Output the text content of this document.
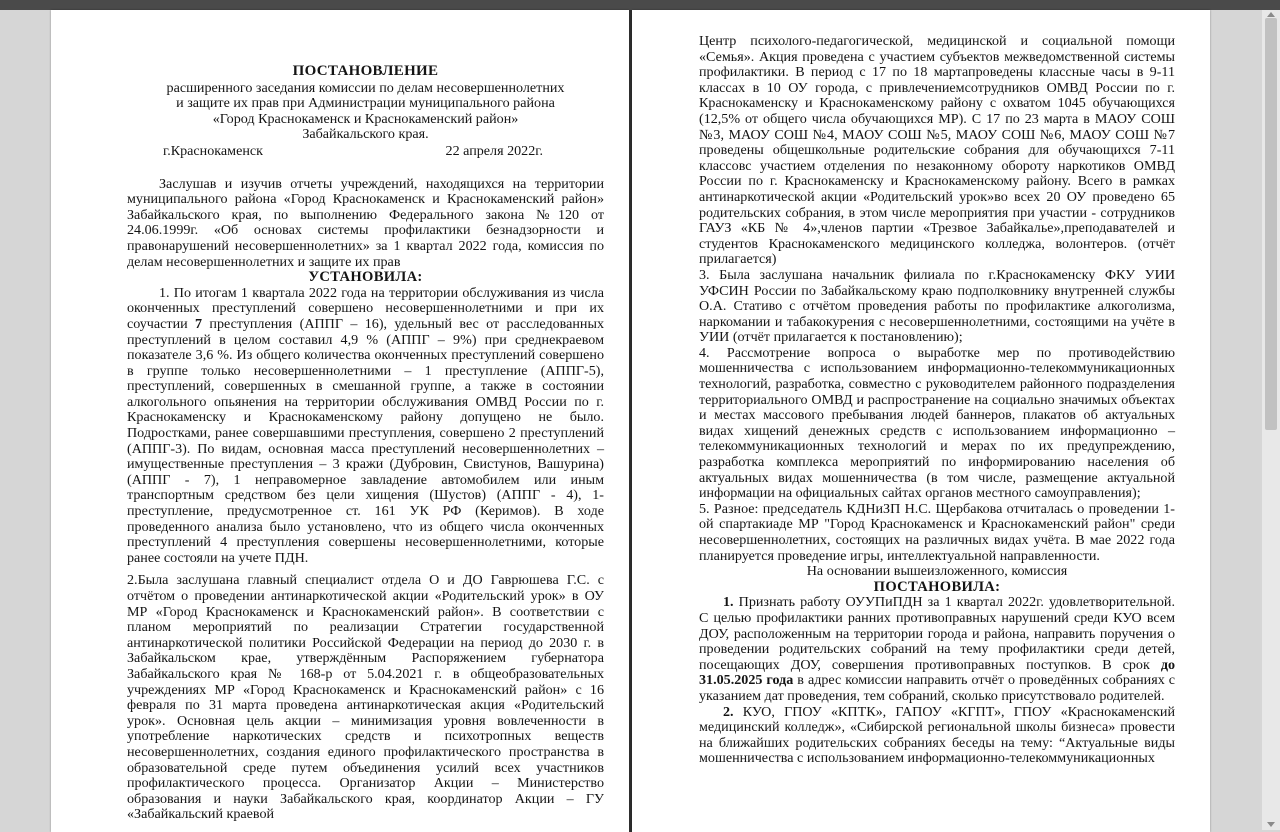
ПОСТАНОВЛЕНИЕ
расширенного заседания комиссии по делам несовершеннолетних
и защите их прав при Администрации муниципального района
«Город Краснокаменск и Краснокаменский район»
Забайкальского края.
г.Краснокаменск	22 апреля 2022г.

Заслушав и изучив отчеты учреждений, находящихся на территории муниципального района «Город Краснокаменск и Краснокаменский район» Забайкальского края, по выполнению Федерального закона №120 от 24.06.1999г. «Об основах системы профилактики безнадзорности и правонарушений несовершеннолетних» за 1 квартал 2022 года, комиссия по делам несовершеннолетних и защите их прав

УСТАНОВИЛА:

1. По итогам 1 квартала 2022 года на территории обслуживания из числа оконченных преступлений совершено несовершеннолетними и при их соучастии 7 преступления (АППГ – 16), удельный вес от расследованных преступлений в целом составил 4,9 % (АППГ – 9%) при среднекраевом показателе 3,6 %. Из общего количества оконченных преступлений совершено в группе только несовершеннолетними – 1 преступление (АППГ-5), преступлений, совершенных в смешанной группе, а также в состоянии алкогольного опьянения на территории обслуживания ОМВД России по г. Краснокаменску и Краснокаменскому району допущено не было. Подростками, ранее совершавшими преступления, совершено 2 преступлений (АППГ-3). По видам, основная масса преступлений несовершеннолетних – имущественные преступления – 3 кражи (Дубровин, Свистунов, Вашурина) (АППГ - 7), 1 неправомерное завладение автомобилем или иным транспортным средством без цели хищения (Шустов) (АППГ - 4), 1- преступление, предусмотренное ст. 161 УК РФ (Керимов). В ходе проведенного анализа было установлено, что из общего числа оконченных преступлений 4 преступления совершены несовершеннолетними, которые ранее состояли на учете ПДН.

2.Была заслушана главный специалист отдела О и ДО Гаврюшева Г.С. с отчётом о проведении антинаркотической акции «Родительский урок» в ОУ МР «Город Краснокаменск и Краснокаменский район». В соответствии с планом мероприятий по реализации Стратегии государственной антинаркотической политики Российской Федерации на период до 2030 г. в Забайкальском крае, утверждённым Распоряжением губернатора Забайкальского края № 168-р от 5.04.2021 г. в общеобразовательных учреждениях МР «Город Краснокаменск и Краснокаменский район» с 16 февраля по 31 марта проведена антинаркотическая акция «Родительский урок». Основная цель акции – минимизация уровня вовлеченности в употребление наркотических средств и психотропных веществ несовершеннолетних, создания единого профилактического пространства в образовательной среде путем объединения усилий всех участников профилактического процесса. Организатор Акции – Министерство образования и науки Забайкальского края, координатор Акции – ГУ «Забайкальский краевой

Центр психолого-педагогической, медицинской и социальной помощи «Семья». Акция проведена с участием субъектов межведомственной системы профилактики. В период с 17 по 18 мартапроведены классные часы в 9-11 классах в 10 ОУ города, с привлечениемсотрудников ОМВД России по г. Краснокаменску и Краснокаменскому району с охватом 1045 обучающихся (12,5% от общего числа обучающихся МР). С 17 по 23 марта в МАОУ СОШ №3, МАОУ СОШ №4, МАОУ СОШ №5, МАОУ СОШ №6, МАОУ СОШ №7 проведены общешкольные родительские собрания для обучающихся 7-11 классовс участием отделения по незаконному обороту наркотиков ОМВД России по г. Краснокаменску и Краснокаменскому району. Всего в рамках антинаркотической акции «Родительский урок»во всех 20 ОУ проведено 65 родительских собрания, в этом числе мероприятия при участии - сотрудников ГАУЗ «КБ № 4»,членов партии «Трезвое Забайкалье»,преподавателей и студентов Краснокаменского медицинского колледжа, волонтеров. (отчёт прилагается)

3. Была заслушана начальник филиала по г.Краснокаменску ФКУ УИИ УФСИН России по Забайкальскому краю подполковнику внутренней службы О.А. Стативо с отчётом проведения работы по профилактике алкоголизма, наркомании и табакокурения с несовершеннолетними, состоящими на учёте в УИИ (отчёт прилагается к постановлению);

4. Рассмотрение вопроса о выработке мер по противодействию мошенничества с использованием информационно-телекоммуникационных технологий, разработка, совместно с руководителем районного подразделения территориального ОМВД и распространение на социально значимых объектах и местах массового пребывания людей баннеров, плакатов об актуальных видах хищений денежных средств с использованием информационно – телекоммуникационных технологий и мерах по их предупреждению, разработка комплекса мероприятий по информированию населения об актуальных видах мошенничества (в том числе, размещение актуальной информации на официальных сайтах органов местного самоуправления);

5. Разное: председатель КДНиЗП Н.С. Щербакова отчиталась о проведении 1-ой спартакиаде МР "Город Краснокаменск и Краснокаменский район" среди несовершеннолетних, состоящих на различных видах учёта. В мае 2022 года планируется проведение игры, интеллектуальной направленности.

На основании вышеизложенного, комиссия
ПОСТАНОВИЛА:

1. Признать работу ОУУПиПДН за 1 квартал 2022г. удовлетворительной. С целью профилактики ранних противоправных нарушений среди КУО всем ДОУ, расположенным на территории города и района, направить поручения о проведении родительских собраний на тему профилактики среди детей, посещающих ДОУ, совершения противоправных поступков. В срок до 31.05.2025 года в адрес комиссии направить отчёт о проведённых собраниях с указанием дат проведения, тем собраний, сколько присутствовало родителей.

2. КУО, ГПОУ «КПТК», ГАПОУ «КГПТ», ГПОУ «Краснокаменский медицинский колледж», «Сибирской региональной школы бизнеса» провести на ближайших родительских собраниях беседы на тему: “Актуальные виды мошенничества с использованием информационно-телекоммуникационных
